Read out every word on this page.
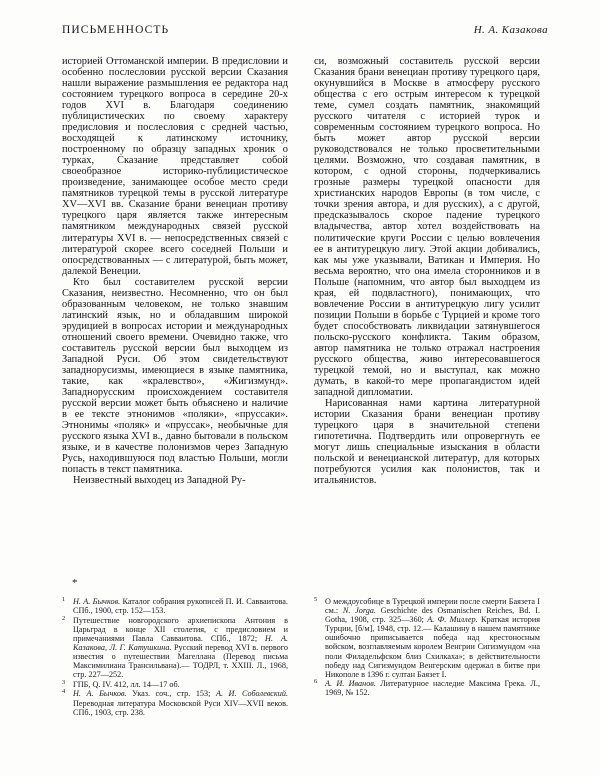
ПИСЬМЕННОСТЬ	Н. А. Казакова

историей Оттоманской империи. В предисловии и особенно послесловии русской версии Сказания нашли выражение размышления ее редактора над состоянием турецкого вопроса в середине 20-х годов XVI в. Благодаря соединению публицистических по своему характеру предисловия и послесловия с средней частью, восходящей к латинскому источнику, построенному по образцу западных хроник о турках, Сказание представляет собой своеобразное историко-публицистическое произведение, занимающее особое место среди памятников турецкой темы в русской литературе XV—XVI вв. Сказание брани венециан противу турецкого царя является также интересным памятником международных связей русской литературы XVI в. — непосредственных связей с литературой скорее всего соседней Польши и опосредствованных — с литературой, быть может, далекой Венеции.

Кто был составителем русской версии Сказания, неизвестно. Несомненно, что он был образованным человеком, не только знавшим латинский язык, но и обладавшим широкой эрудицией в вопросах истории и международных отношений своего времени. Очевидно также, что составитель русской версии был выходцем из Западной Руси. Об этом свидетельствуют западнорусизмы, имеющиеся в языке памятника, такие, как «кралевство», «Жигизмунд». Западнорусским происхождением составителя русской версии может быть объяснено и наличие в ее тексте этнонимов «поляки», «пруссаки». Этнонимы «поляк» и «пруссак», необычные для русского языка XVI в., давно бытовали в польском языке, и в качестве полонизмов через Западную Русь, находившуюся под властью Польши, могли попасть в текст памятника.

Неизвестный выходец из Западной Ру-

си, возможный составитель русской версии Сказания брани венециан противу турецкого царя, окунувшийся в Москве в атмосферу русского общества с его острым интересом к турецкой теме, сумел создать памятник, знакомящий русского читателя с историей турок и современным состоянием турецкого вопроса. Но быть может автор русской версии руководствовался не только просветительными целями. Возможно, что создавая памятник, в котором, с одной стороны, подчеркивались грозные размеры турецкой опасности для христианских народов Европы (в том числе, с точки зрения автора, и для русских), а с другой, предсказывалось скорое падение турецкого владычества, автор хотел воздействовать на политические круги России с целью вовлечения ее в антитурецкую лигу. Этой акции добивались, как мы уже указывали, Ватикан и Империя. Но весьма вероятно, что она имела сторонников и в Польше (напомним, что автор был выходцем из края, ей подвластного), понимающих, что вовлечение России в антитурецкую лигу усилит позиции Польши в борьбе с Турцией и кроме того будет способствовать ликвидации затянувшегося польско-русского конфликта. Таким образом, автор памятника не только отражал настроения русского общества, живо интересовавшегося турецкой темой, но и выступал, как можно думать, в какой-то мере пропагандистом идей западной дипломатии.

Нарисованная нами картина литературной истории Сказания брани венециан противу турецкого царя в значительной степени гипотетична. Подтвердить или опровергнуть ее могут лишь специальные изыскания в области польской и венецианской литератур, для которых потребуются усилия как полонистов, так и итальянистов.

*

1 Н. А. Бычков. Каталог собрания рукописей П. И. Савваитова. СПб., 1900, стр. 152—153.

2 Путешествие новгородского архиепископа Антония в Царьград в конце XII столетия, с предисловием и примечаниями Павла Савваитова. СПб., 1872; Н. А. Казакова, Л. Г. Катушкина. Русский перевод XVI в. первого известия о путешествии Магеллана (Перевод письма Максимилиана Трансильвана).— ТОДРЛ, т. XXIII. Л., 1968, стр. 227—252.

3 ГПБ, Q. IV. 412, лл. 14—17 об.

4 Н. А. Бычков. Указ. соч., стр. 153; А. И. Соболевский. Переводная литература Московской Руси XIV—XVII веков. СПб., 1903, стр. 238.

5 О междоусобице в Турецкой империи после смерти Баязета I см.: N. Jorga. Geschichte des Osmanischen Reiches, Bd. I. Gotha, 1908, стр. 325—360; А. Ф. Миллер. Краткая история Турции, [б/м], 1948, стр. 12.— Калашину в нашем памятнике ошибочно приписывается победа над крестоносным войском, возглавляемым королем Венгрии Сигизмундом «на поли Филадельфском близ Схилкаха»; в действительности победу над Сигизмундом Венгерским одержал в битве при Никополе в 1396 г. султан Баязет I.

6 А. И. Иванов. Литературное наследие Максима Грека. Л., 1969, № 152.
